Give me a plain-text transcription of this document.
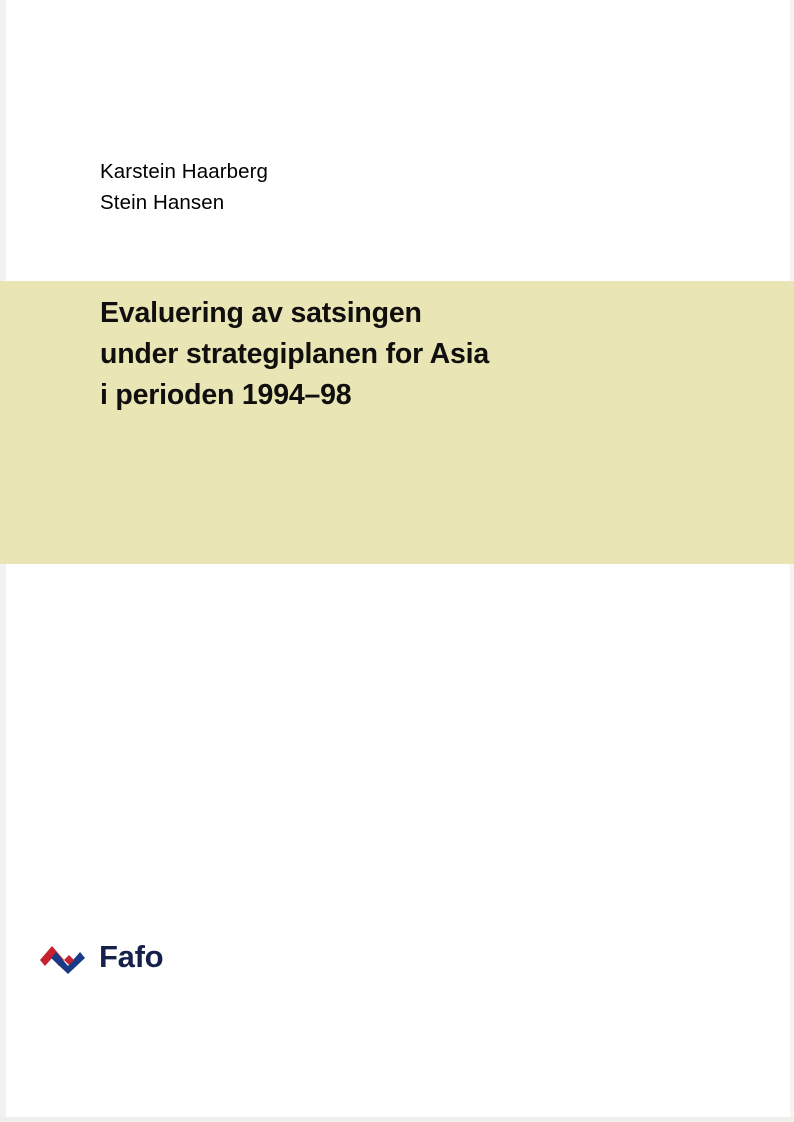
Karstein Haarberg
Stein Hansen
Evaluering av satsingen
under strategiplanen for Asia
i perioden 1994–98
Fafo
